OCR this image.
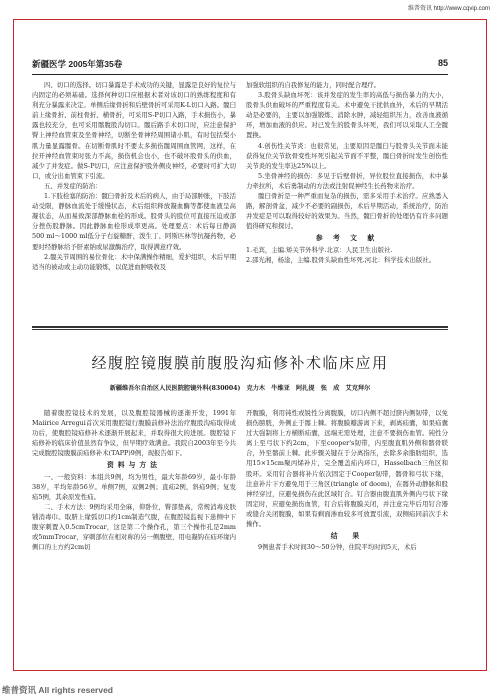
维普资讯 http://www.cqvip.com
新疆医学 2005年第35卷	85

四、切口的选择。切口暴露是手术成功的关键，显露是良好的复位与内固定的必须基础。选择何种切口应根据术者对该切口的熟练程度和有利充分暴露来决定。单侧后缘骨折和后壁骨折可采用K-L切口入路。髋臼前上缘骨折、前柱骨折、横骨折，可采用S-P切口入路，手术损伤小，暴露也较充分，也可采用髂腹股沟切口。髋后路手术切口时，应注意保护臀上神经血管束及坐骨神经，切断坐骨神经周围诸小肌，有时包括梨小肌力量显露髋骨。在切断骨肌时不要太多损伤髋周围血管网，这样，在拉开神经血管束时张力不高，损伤机会也小，也不破坏股骨头的供血，减少了并发症。做S-P切口，应注意保护股外侧皮神经，必要时可扩大切口，或分出血管束下引流。

五、并发症的防治：

1.下肢栓塞的防治：髋臼骨折及术后的病人，由于局部肿胀，下肢活动受限，静脉血流处于缓慢状态，术后组织释放凝血酶等都使血液呈高凝状态，从而易致深部静脉血栓的形成。股骨头的股位可直接压迫或部分挫伤股静脉。因此静脉血栓形成率更高。处理要点：术后每日静滴 500 ml～1000 ml低分子右旋糖酐，泼生丁、阿斯匹林等抗凝药物，必要时经静脉给予肝素钠或尿激酶治疗，取得满意疗效。

2.髋关节周围的易位骨化：术中保满操作精细，爱护组织，术后早期适当的被动或主动功能锻炼，以促进血肿吸收及

加强软组织的自我修复的能力，同时配合理疗。

3.股骨头缺血坏死：该并发症的发生率的高低与损伤暴力的大小，股骨头供血破坏的严重程度有关。术中避免干扰供血外，术后的早期活动是必要的，主要以加强锻炼、消除水肿，减轻组织压力，改善血液循环，增加血液的供应。对已发生的股骨头坏死，我们可以采取人工全髋置换。

4.创伤性关节炎：也很常见，主要原因是髋臼与股骨头关节面未能获得复位关节软骨变性坏死引起关节面不平整，髋臼骨折时发生创伤性关节炎的发生率达25%以上。

5.坐骨神经的损伤：多见于后壁骨折，异位股位直接损伤，术中暴力牵拉所，术后勇制动的方法或注射促神经生长药物来治疗。

髋臼骨折是一种严重而复杂的损伤，需多采用手术治疗。应熟悉入路，解剖骨盆，减少不必要的副损伤，术后早期活动，系统治疗，防治并发症是可以取得较好的效果为。当然，髋臼骨折的处理仍有许多问题值得研究和探讨。

参 考 文 献

1.毛宾，主编.矫关节外科学.北京：人民卫生出版社.

2.邵光湘，杨淦，主编.股骨头缺血性坏死.河北：科学技术出版社。

经腹腔镜腹膜前腹股沟疝修补术临床应用
新疆维吾尔自治区人民医院腔镜外科(830004)　克力木　牛维亚　阿扎提　张　成　艾克拜尔

随着腹腔镜技术的发展，以及腹腔镜器械的逐渐开发，1991年Maiirice Arregui首次采用腹腔镜行腹膜前修补法治疗腹股沟疝取得成功后，使腹腔镜疝修补术逐渐开展起来，并取得很大的进展。腹腔镜下疝修补的临床价值虽然有争议，但早期疗效满意。我院自2003年至今共完成腹腔镜腹膜前疝修补术(TAPP)9例，现报告如下。

资料与方法

一、一般资料：本组共9例，均为男性，最大年龄69岁，最小年龄38岁，平均年龄56岁。单侧7例，双侧2例；直疝2例，斜疝9例；复发疝5例，其余原发性疝。

二、手术方法：9例均采用全麻，仰卧位，臀部垫高，常规消毒皮肤铺消毒巾。取脐上缘弧切口约1cm制造气腹，在腹腔镜监视下患侧中下腹穿刺置入0.5cmTrocar，这是第二个操作孔，第三个操作孔是2mm或5mmTrocar，穿刺部位在相对称的另一侧腹壁，用电凝钩在疝环缘内侧口的上方约2cm切

开腹膜，利用钝性或锐性分离腹膜，切口内侧不超过脐内侧韧带，以免损伤膀胱，外侧止于髂上棘。将腹膜瓣游离下来，剥离疝囊，如果疝囊过大强制将上方横断疝囊，远端无需处理，注意不要损伤血管。钝性分离上至弓状下约2cm，下至cooper's韧带，内至腹直肌外侧和髂骨联合，外至髂前上棘。此步骤关键在于分离指压，去除多余脂肪组织，选用15×15cm聚丙烯补片，完全覆盖疝内环口，Hasselbach三角区和股环。采用钉合器将补片依次固定于Cooper韧带，髂骨和弓状下缘，注意补片下方避免用于三角区(triangle of doom)，在髂外动静脉和股神经穿过，应避免损伤在此区域钉合。钉合器由腹直肌外侧内弓状下缘固定时，应避免损伤血管，钉合后将腹膜关闭，并注意完毕后用钉合器或缝合关闭腹膜，如果有剩面渗血较多可放置引流，双侧疝同前次手术操作。

结　果

9例患者手术时间30～50分钟，住院平均时间5天，术后

维普资讯 All rights reserved
